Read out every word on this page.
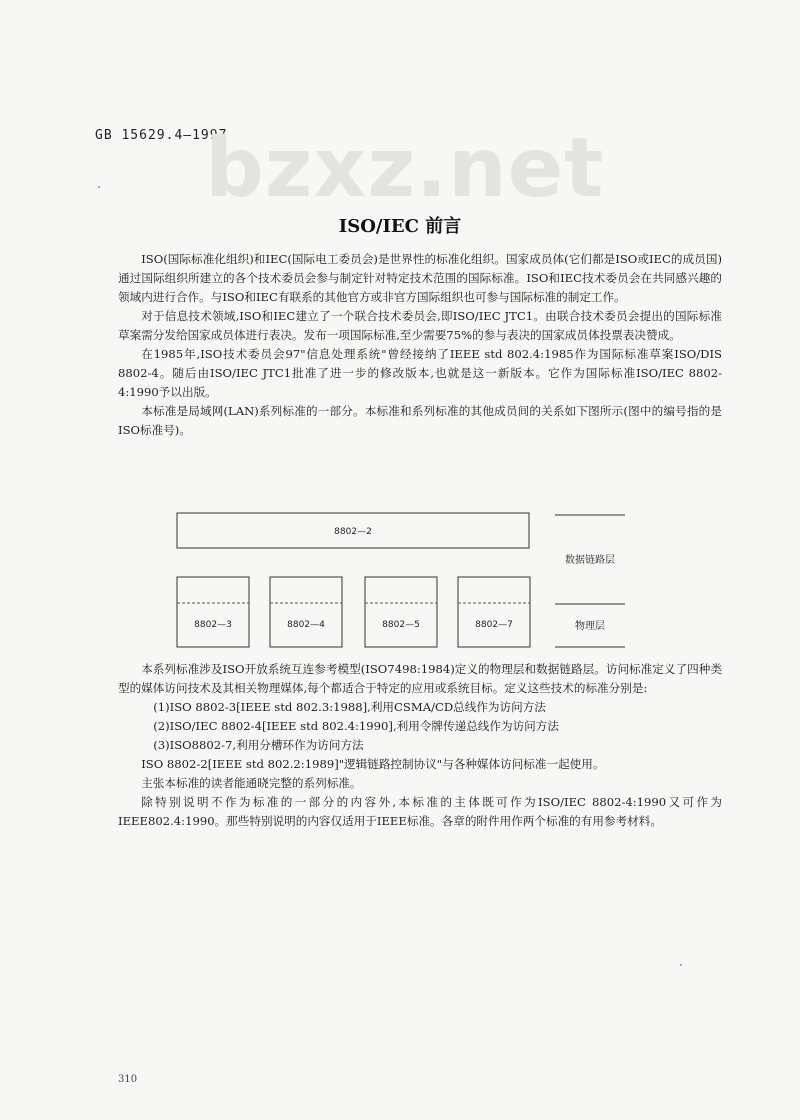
GB 15629.4—1997
bzxz.net
ISO/IEC 前言

ISO(国际标准化组织)和IEC(国际电工委员会)是世界性的标准化组织。国家成员体(它们都是ISO或IEC的成员国)通过国际组织所建立的各个技术委员会参与制定针对特定技术范围的国际标准。ISO和IEC技术委员会在共同感兴趣的领域内进行合作。与ISO和IEC有联系的其他官方或非官方国际组织也可参与国际标准的制定工作。

对于信息技术领域,ISO和IEC建立了一个联合技术委员会,即ISO/IEC JTC1。由联合技术委员会提出的国际标准草案需分发给国家成员体进行表决。发布一项国际标准,至少需要75%的参与表决的国家成员体投票表决赞成。

在1985年,ISO技术委员会97"信息处理系统"曾经接纳了IEEE std 802.4:1985作为国际标准草案ISO/DIS 8802-4。随后由ISO/IEC JTC1批准了进一步的修改版本,也就是这一新版本。它作为国际标准ISO/IEC 8802-4:1990予以出版。

本标准是局域网(LAN)系列标准的一部分。本标准和系列标准的其他成员间的关系如下图所示(图中的编号指的是ISO标准号)。

8802—2
8802—3	8802—4	8802—5	8802—7
数据链路层
物理层

本系列标准涉及ISO开放系统互连参考模型(ISO7498:1984)定义的物理层和数据链路层。访问标准定义了四种类型的媒体访问技术及其相关物理媒体,每个都适合于特定的应用或系统目标。定义这些技术的标准分别是:

(1)ISO 8802-3[IEEE std 802.3:1988],利用CSMA/CD总线作为访问方法

(2)ISO/IEC 8802-4[IEEE std 802.4:1990],利用令牌传递总线作为访问方法

(3)ISO8802-7,利用分槽环作为访问方法

ISO 8802-2[IEEE std 802.2:1989]"逻辑链路控制协议"与各种媒体访问标准一起使用。

主张本标准的读者能通晓完整的系列标准。

除特别说明不作为标准的一部分的内容外,本标准的主体既可作为ISO/IEC 8802-4:1990又可作为IEEE802.4:1990。那些特别说明的内容仅适用于IEEE标准。各章的附件用作两个标准的有用参考材料。

310
